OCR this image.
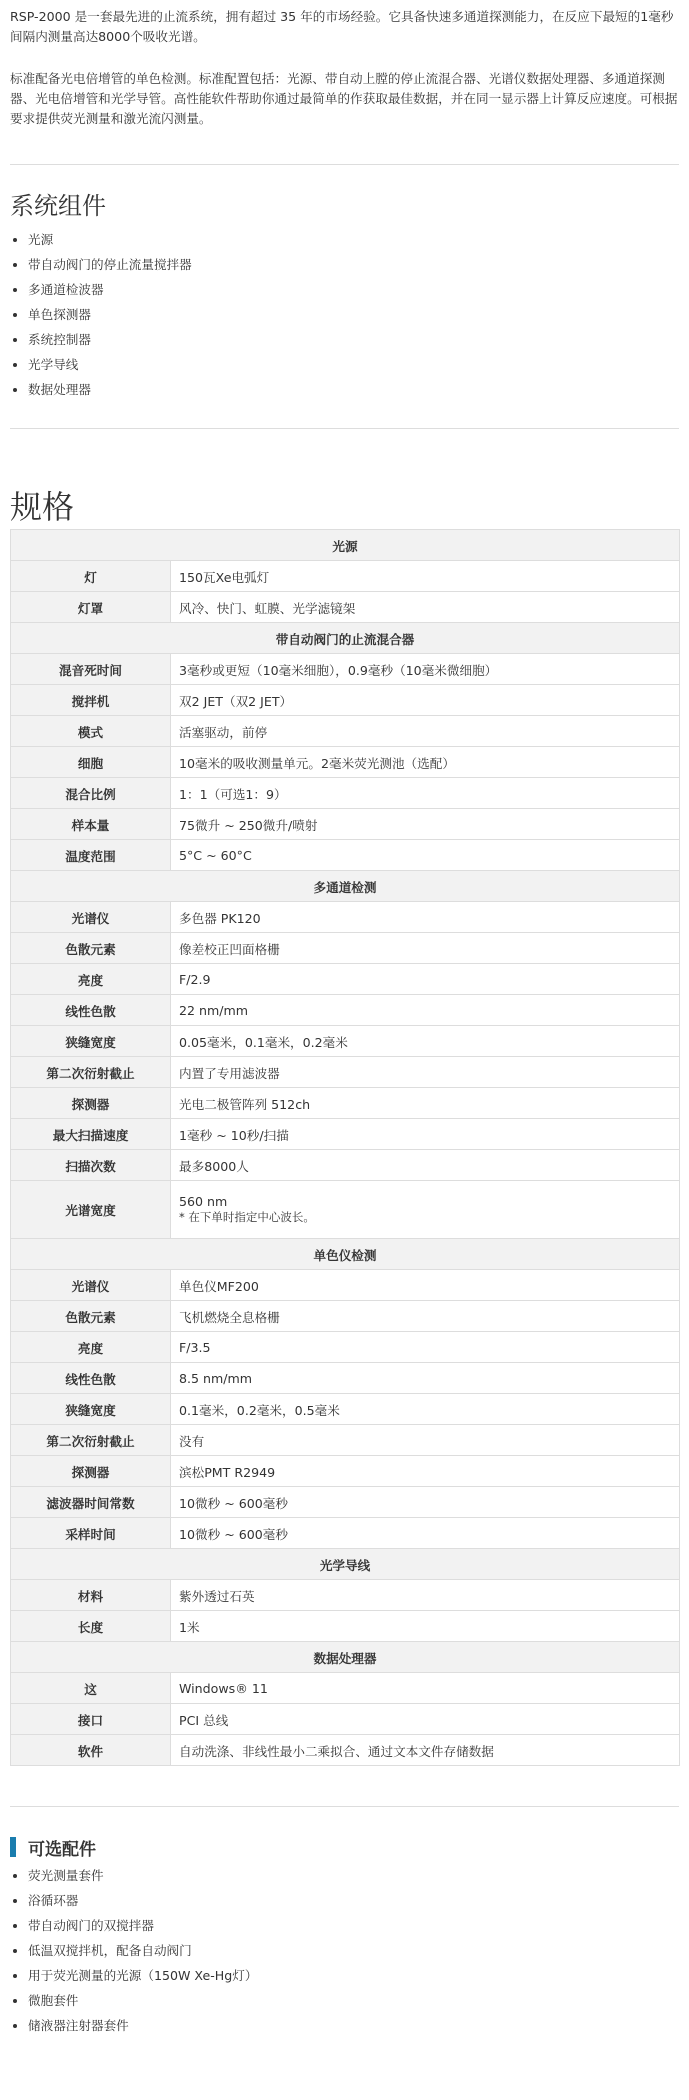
RSP-2000 是一套最先进的止流系统，拥有超过 35 年的市场经验。它具备快速多通道探测能力，在反应下最短的1毫秒间隔内测量高达8000个吸收光谱。

标准配备光电倍增管的单色检测。标准配置包括：光源、带自动上膛的停止流混合器、光谱仪数据处理器、多通道探测器、光电倍增管和光学导管。高性能软件帮助你通过最简单的作获取最佳数据，并在同一显示器上计算反应速度。可根据要求提供荧光测量和激光流闪测量。

系统组件
• 光源
• 带自动阀门的停止流量搅拌器
• 多通道检波器
• 单色探测器
• 系统控制器
• 光学导线
• 数据处理器
规格
光源	
灯	150瓦Xe电弧灯

灯罩	风冷、快门、虹膜、光学滤镜架

带自动阀门的止流混合器	
混音死时间	3毫秒或更短（10毫米细胞），0.9毫秒（10毫米微细胞）

搅拌机	双2 JET（双2 JET）

模式	活塞驱动，前停

细胞	10毫米的吸收测量单元。2毫米荧光测池（选配）

混合比例	1：1（可选1：9）

样本量	75微升 ~ 250微升/喷射

温度范围	5°C ~ 60°C

多通道检测	
光谱仪	多色器 PK120

色散元素	像差校正凹面格栅

亮度	F/2.9

线性色散	22 nm/mm

狭缝宽度	0.05毫米，0.1毫米，0.2毫米

第二次衍射截止	内置了专用滤波器

探测器	光电二极管阵列 512ch

最大扫描速度	1毫秒 ~ 10秒/扫描

扫描次数	最多8000人

光谱宽度	560 nm
* 在下单时指定中心波长。

单色仪检测	
光谱仪	单色仪MF200

色散元素	飞机燃烧全息格栅

亮度	F/3.5

线性色散	8.5 nm/mm

狭缝宽度	0.1毫米，0.2毫米，0.5毫米

第二次衍射截止	没有

探测器	滨松PMT R2949

滤波器时间常数	10微秒 ~ 600毫秒

采样时间	10微秒 ~ 600毫秒

光学导线	
材料	紫外透过石英

长度	1米

数据处理器	
这	Windows® 11

接口	PCI 总线

软件	自动洗涤、非线性最小二乘拟合、通过文本文件存储数据
可选配件
• 荧光测量套件
• 浴循环器
• 带自动阀门的双搅拌器
• 低温双搅拌机，配备自动阀门
• 用于荧光测量的光源（150W Xe-Hg灯）
• 微胞套件
• 储液器注射器套件
